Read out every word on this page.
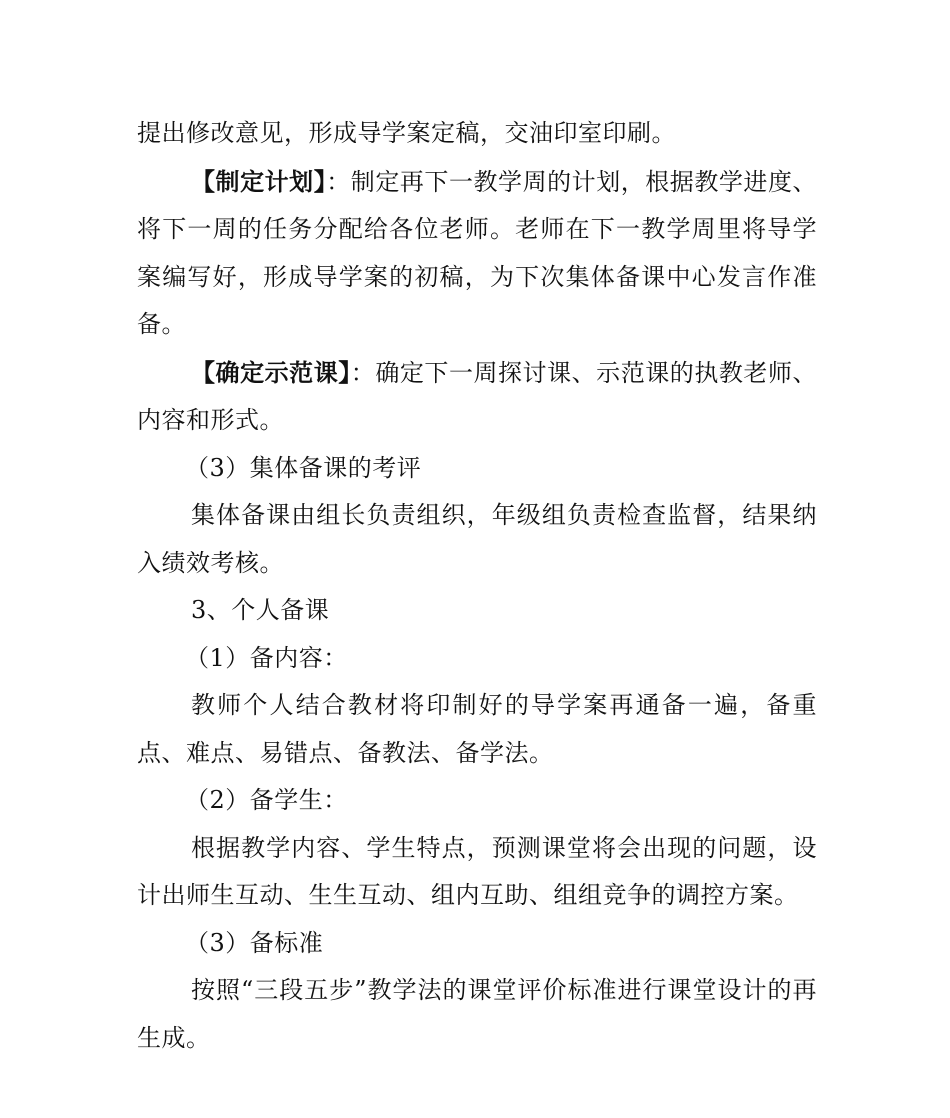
提出修改意见，形成导学案定稿，交油印室印刷。

【制定计划】：制定再下一教学周的计划，根据教学进度、将下一周的任务分配给各位老师。老师在下一教学周里将导学案编写好，形成导学案的初稿，为下次集体备课中心发言作准备。

【确定示范课】：确定下一周探讨课、示范课的执教老师、内容和形式。

（3）集体备课的考评

集体备课由组长负责组织，年级组负责检查监督，结果纳入绩效考核。

3、个人备课

（1）备内容：

教师个人结合教材将印制好的导学案再通备一遍，备重点、难点、易错点、备教法、备学法。

（2）备学生：

根据教学内容、学生特点，预测课堂将会出现的问题，设计出师生互动、生生互动、组内互助、组组竞争的调控方案。

（3）备标准

按照“三段五步”教学法的课堂评价标准进行课堂设计的再生成。
